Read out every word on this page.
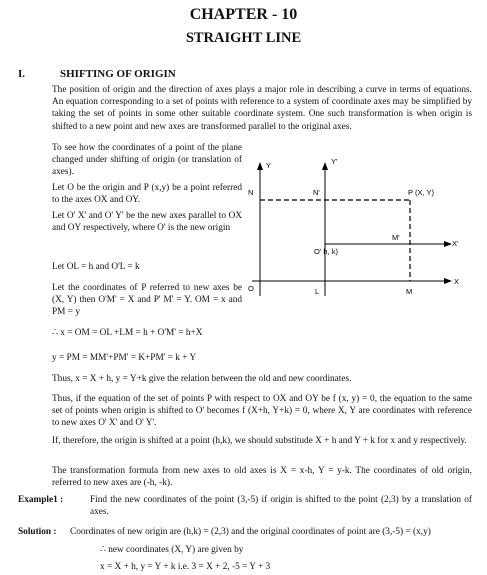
CHAPTER - 10
STRAIGHT LINE
I.	SHIFTING OF ORIGIN
The position of origin and the direction of axes plays a major role in describing a curve in terms of equations. An equation corresponding to a set of points with reference to a system of coordinate axes may be simplified by taking the set of points in some other suitable coordinate system. One such transformation is when origin is shifted to a new point and new axes are transformed parallel to the original axes.
To see how the coordinates of a point of the plane changed under shifting of origin (or translation of axes).
Let O be the origin and P (x,y) be a point referred to the axes OX and OY.
Let O' X' and O' Y' be the new axes parallel to OX and OY respectively, where O' is the new origin
Let OL = h and O'L = k
Let the coordinates of P referred to new axes be (X, Y) then O'M' = X and P' M' = Y. OM = x and PM = y
Y	Y'
N	N'	P (X, Y)
X'
M'
O' h, k)
X
O	L	M
∴ x = OM = OL +LM = h + O'M' = h+X
y = PM = MM'+PM' = K+PM' = k + Y
Thus, x = X + h, y = Y+k give the relation between the old and new coordinates.
Thus, if the equation of the set of points P with respect to OX and OY be f (x, y) = 0, the equation to the same set of points when origin is shifted to O' becomes f (X+h, Y+k) = 0, where X, Y are coordinates with reference to new axes O' X' and O' Y'.
If, therefore, the origin is shifted at a point (h,k), we should substitude X + h and Y + k for x and y respectively.
The transformation formula from new axes to old axes is X = x-h, Y = y-k. The coordinates of old origin, referred to new axes are (-h, -k).
Example1 :	Find the new coordinates of the point (3,-5) if origin is shifted to the point (2,3) by a translation of axes.
Solution :	Coordinates of new origin are (h,k) = (2,3) and the original coordinates of point are (3,-5) = (x,y)
∴ new coordinates (X, Y) are given by
x = X + h, y = Y + k i.e. 3 = X + 2, -5 = Y + 3
